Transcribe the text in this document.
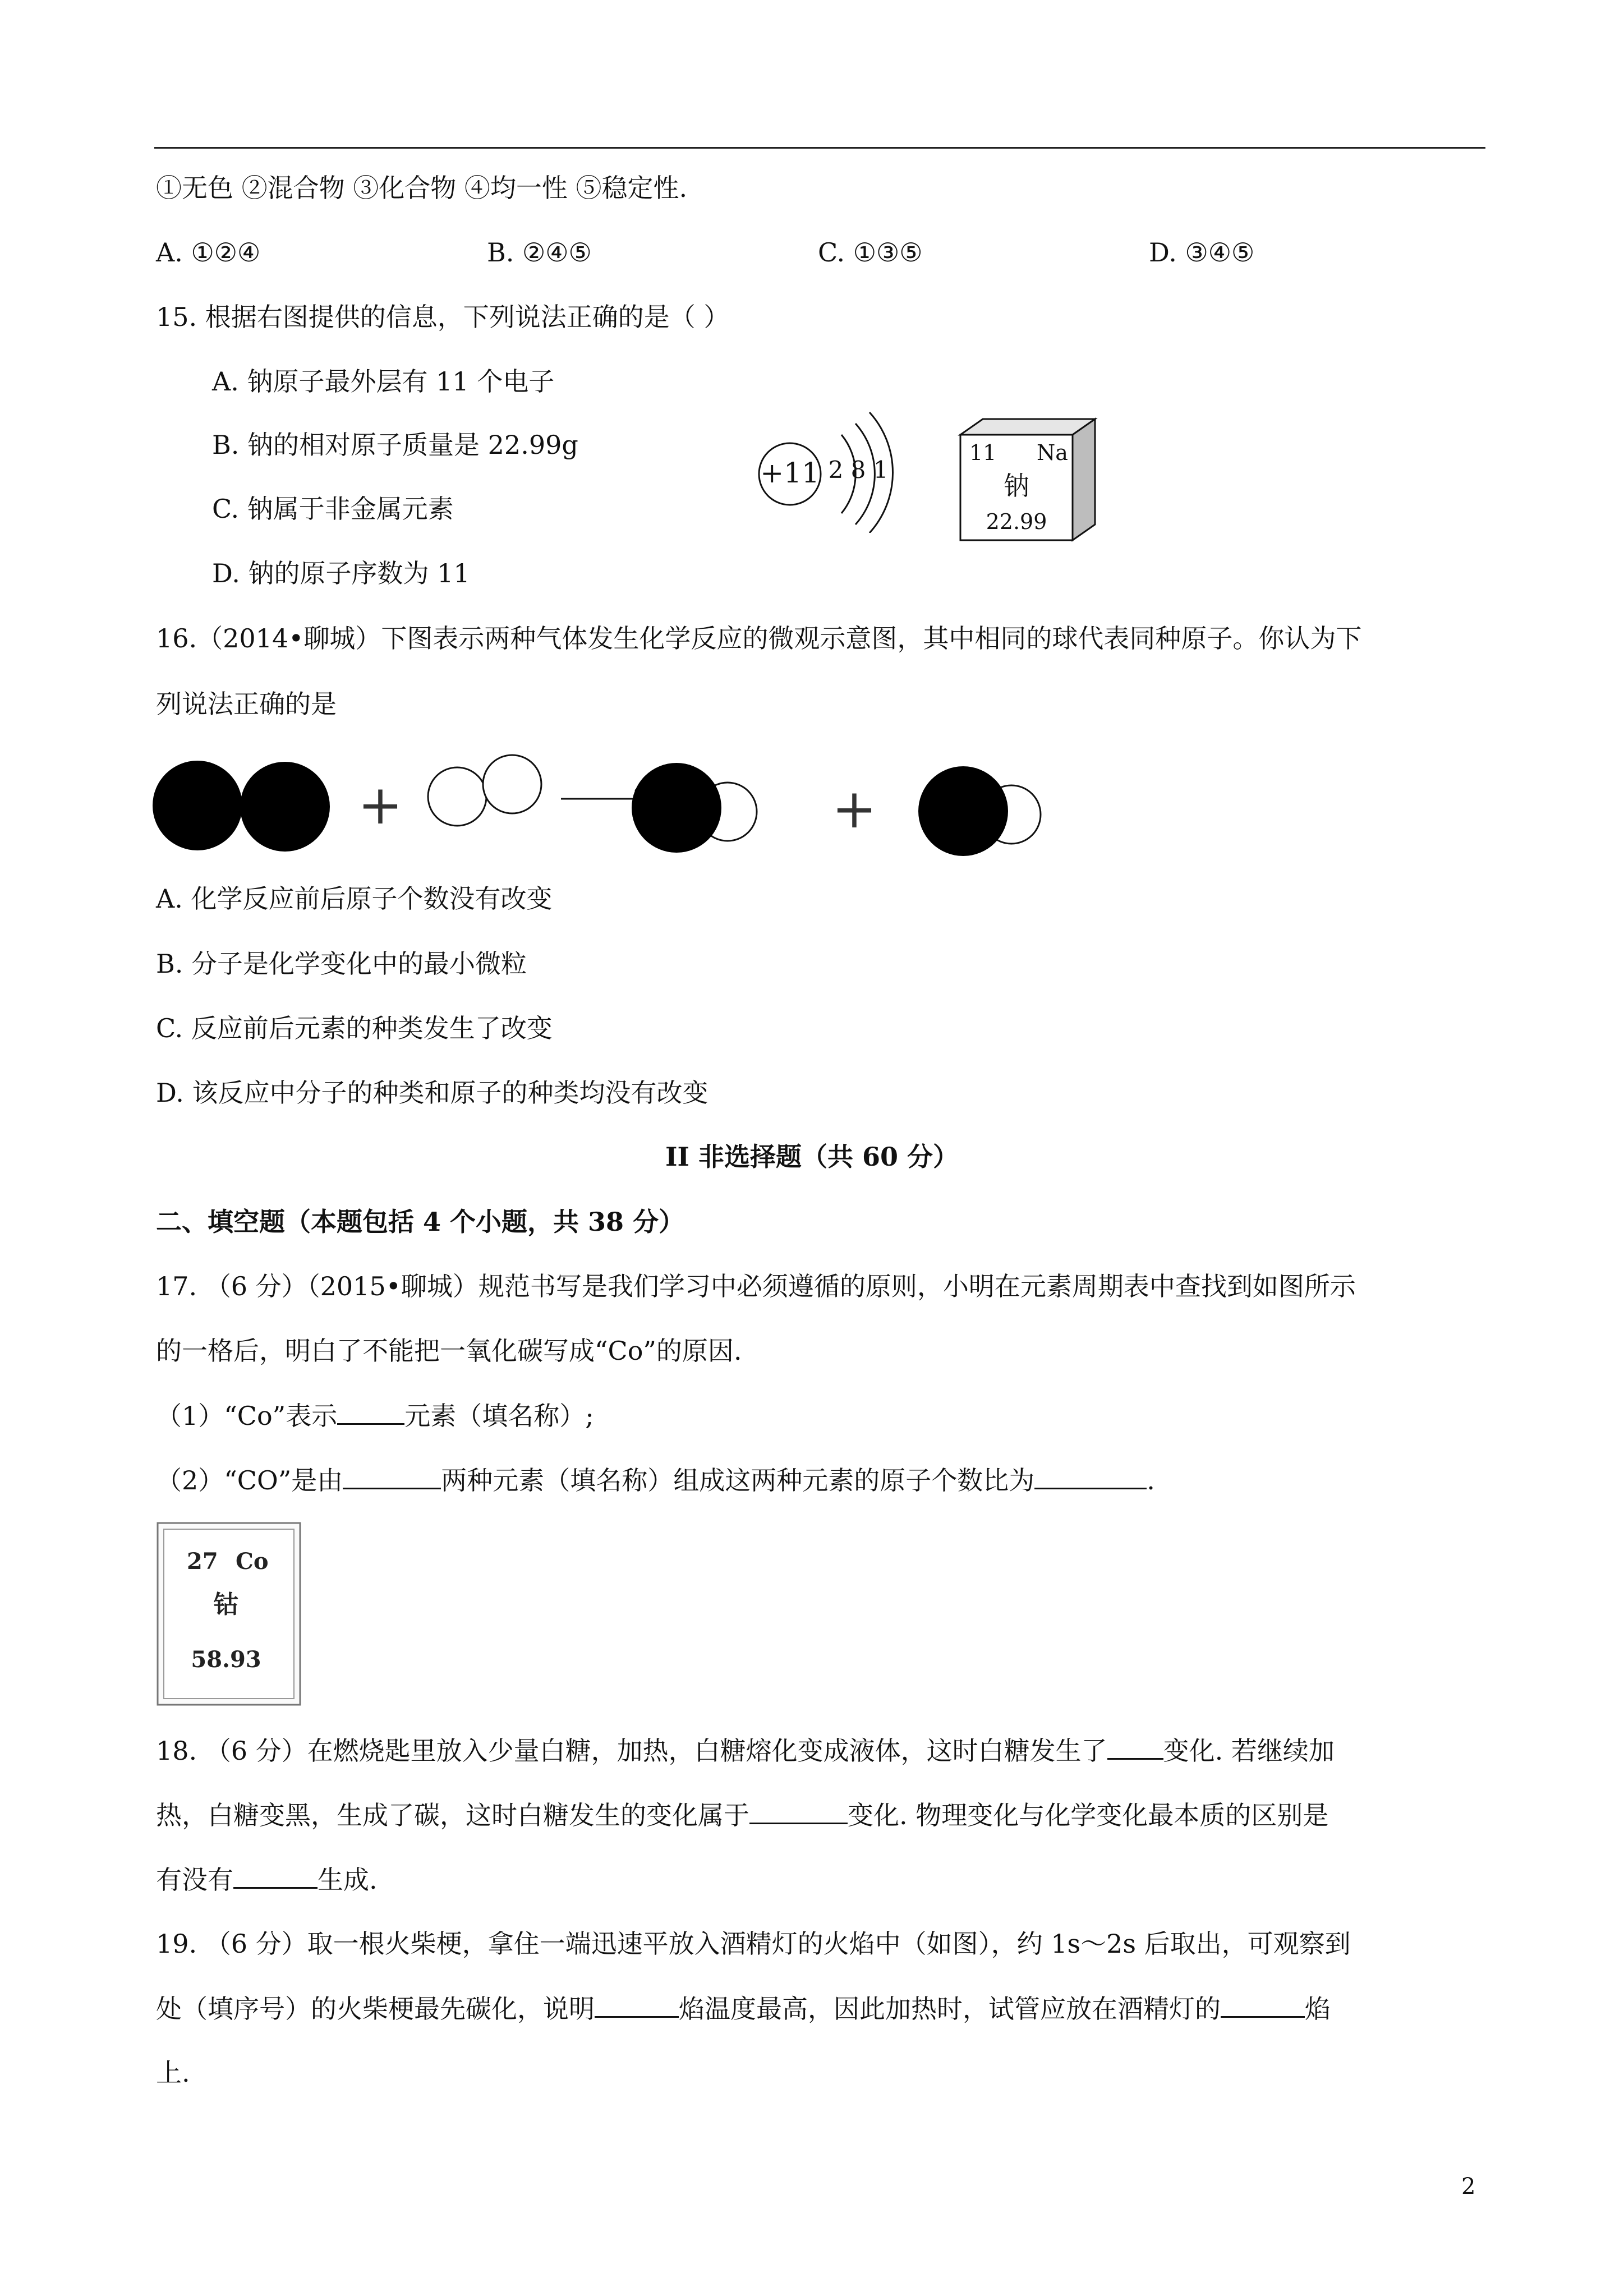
①无色 ②混合物 ③化合物 ④均一性 ⑤稳定性.
A. ①②④	B. ②④⑤	C. ①③⑤	D. ③④⑤
15. 根据右图提供的信息，下列说法正确的是（ ）
A. 钠原子最外层有 11 个电子
B. 钠的相对原子质量是 22.99g
C. 钠属于非金属元素
D. 钠的原子序数为 11
+11 2 8 1
11 Na
钠
22.99
16.（2014•聊城）下图表示两种气体发生化学反应的微观示意图，其中相同的球代表同种原子。你认为下
列说法正确的是
+	+
A. 化学反应前后原子个数没有改变
B. 分子是化学变化中的最小微粒
C. 反应前后元素的种类发生了改变
D. 该反应中分子的种类和原子的种类均没有改变
II 非选择题（共 60 分）
二、填空题（本题包括 4 个小题，共 38 分）
17. （6 分）（2015•聊城）规范书写是我们学习中必须遵循的原则，小明在元素周期表中查找到如图所示
的一格后，明白了不能把一氧化碳写成“Co”的原因.
（1）“Co”表示	元素（填名称）;
（2）“CO”是由	两种元素（填名称）组成这两种元素的原子个数比为	.
27 Co
钴
58.93
18. （6 分）在燃烧匙里放入少量白糖，加热，白糖熔化变成液体，这时白糖发生了 变化. 若继续加
热，白糖变黑，生成了碳，这时白糖发生的变化属于	变化. 物理变化与化学变化最本质的区别是
有没有	生成.
19. （6 分）取一根火柴梗，拿住一端迅速平放入酒精灯的火焰中（如图），约 1s～2s 后取出，可观察到
处（填序号）的火柴梗最先碳化，说明	焰温度最高，因此加热时，试管应放在酒精灯的	焰
上.
2
